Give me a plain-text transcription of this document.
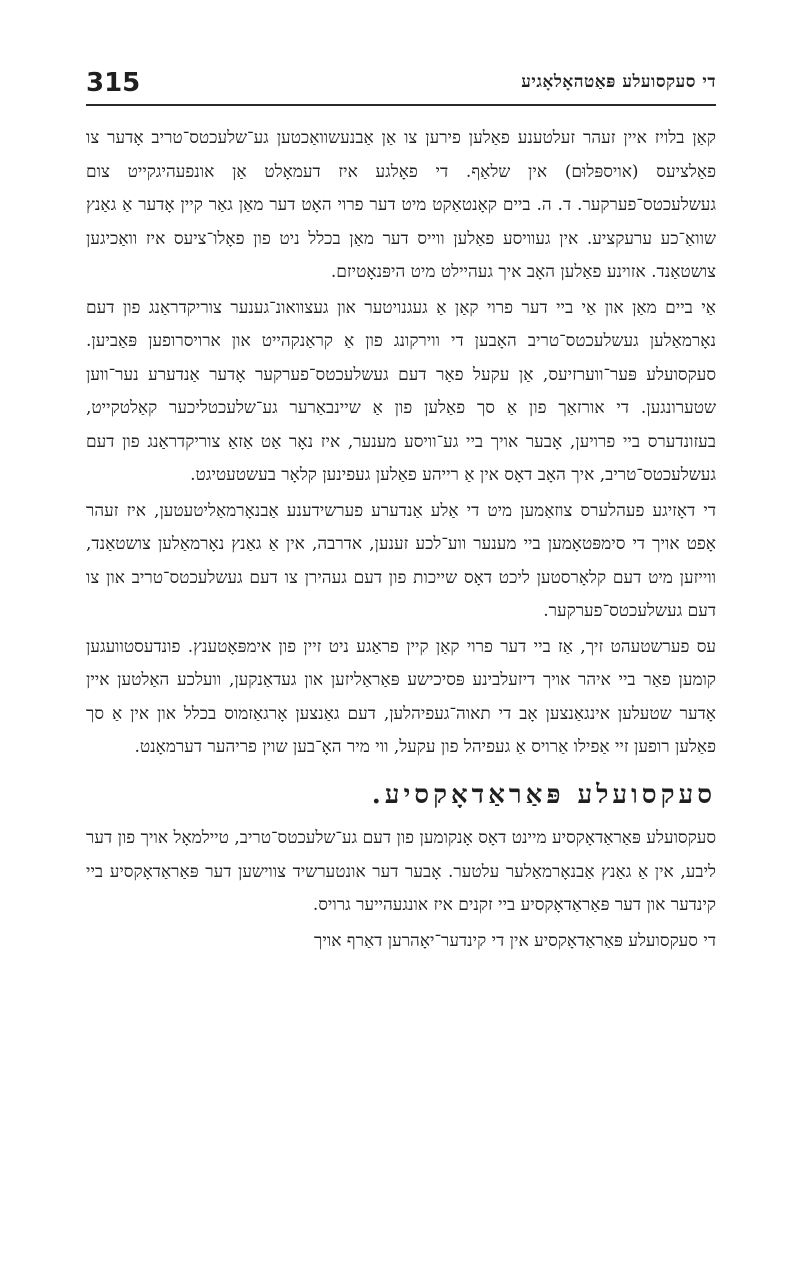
די סעקסועלע פּאַטהאָלאָגיע
315

קאַן בלויז איין זעהר זעלטענע פאַלען פירען צו אַן אַבנעשוואַכטען גע־שלעכטס־טריב אָדער צו פאַלציעס (אויספּלוּם) אין שלאַף. די פאָלגע איז דעמאָלט אַן אונפעהיגקייט צום געשלעכטס־פערקער. ד. ה. ביים קאָנטאַקט מיט דער פרוי האָט דער מאַן גאַר קיין אָדער אַ גאַנץ שוואַ־כע ערעקציע. אין געוויסע פאַלען ווייס דער מאַן בכלל ניט פון פאָלו־ציעס איז וואַכיגען צושטאַנד. אזוינע פאַלען האָב איך געהיילט מיט היפּנאָטיזם.

אַי ביים מאַן און אַי ביי דער פרוי קאַן אַ געגנויטער און געצוואונ־גענער צוריקדראַנג פון דעם נאָרמאַלען געשלעכטס־טריב האָבען די ווירקונג פון אַ קראַנקהייט און ארויסרופען פּאַביען. סעקסועלע פּער־ווערזיעס, אַן עקעל פאַר דעם געשלעכטס־פערקער אָדער אַנדערע נער־ווען שטערונגען. די אורזאַך פון אַ סך פאַלען פון אַ שיינבאַרער גע־שלעכטליכער קאַלטקייט, בעזונדערס ביי פרויען, אָבער אויך ביי גע־וויסע מענער, איז נאָר אַט אַזאַ צוריקדראַנג פון דעם געשלעכטס־טריב, איך האָב דאָס אין אַ רייהע פאַלען געפינען קלאָר בעשטעטיגט.

די דאָזיגע פעהלערס צוזאַמען מיט די אַלע אַנדערע פערשידענע אַבנאָרמאַליטעטען, איז זעהר אָפט אויך די סימפּטאָמען ביי מענער ווע־לכע זענען, אדרבה, אין אַ גאַנץ נאָרמאַלען צושטאַנד, ווייזען מיט דעם קלאָרסטען ליכט דאָס שייכות פון דעם געהירן צו דעם געשלעכטס־טריב און צו דעם געשלעכטס־פערקער.

עס פערשטעהט זיך, אַז ביי דער פרוי קאַן קיין פראַגע ניט זיין פון אימפּאָטענץ. פונדעסטוועגען קומען פאַר ביי איהר אויך דיזעלבינע פּסיכישע פּאַראַליזען און געדאַנקען, וועלכע האַלטען איין אָדער שטעלען אינגאַנצען אָב די תאוה־געפיהלען, דעם גאַנצען אָרגאַזמוס בכלל און אין אַ סך פאַלען רופען זיי אַפילו אַרויס אַ געפיהל פון עקעל, ווי מיר האָ־בען שוין פריהער דערמאָנט.

סעקסועלע פּאַראַדאָקסיע.

סעקסועלע פּאַראַדאָקסיע מיינט דאָס אָנקומען פון דעם גע־שלעכטס־טריב, טיילמאָל אויך פון דער ליבע, אין אַ גאַנץ אַבנאָרמאַלער עלטער. אָבער דער אונטערשיד צווישען דער פּאַראַדאָקסיע ביי קינדער און דער פּאַראַדאָקסיע ביי זקנים איז אונגעהייער גרויס.

די סעקסועלע פּאַראַדאָקסיע אין די קינדער־יאָהרען דאַרף אויך
